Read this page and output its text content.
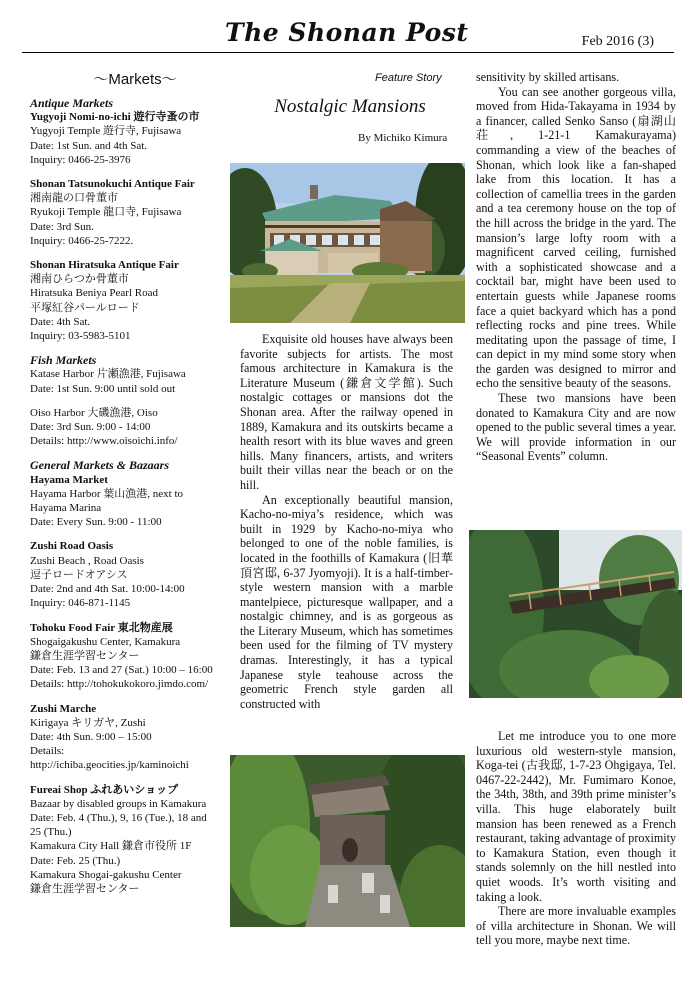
The Shonan Post	Feb 2016 (3)
～Markets～
Antique Markets
Yugyoji Nomi-no-ichi 遊行寺蚤の市
Yugyoji Temple 遊行寺, Fujisawa
Date: 1st Sun. and 4th Sat.
Inquiry: 0466-25-3976
Shonan Tatsunokuchi Antique Fair
湘南龍の口骨董市
Ryukoji Temple 龍口寺, Fujisawa
Date: 3rd Sun.
Inquiry: 0466-25-7222.
Shonan Hiratsuka Antique Fair
湘南ひらつか骨董市
Hiratsuka Beniya Pearl Road
平塚紅谷パールロード
Date: 4th Sat.
Inquiry: 03-5983-5101
Fish Markets
Katase Harbor 片瀬漁港, Fujisawa
Date: 1st Sun. 9:00 until sold out
Oiso Harbor 大磯漁港, Oiso
Date: 3rd Sun. 9:00 - 14:00
Details: http://www.oisoichi.info/
General Markets & Bazaars
Hayama Market
Hayama Harbor 葉山漁港, next to
Hayama Marina
Date: Every Sun. 9:00 - 11:00
Zushi Road Oasis
Zushi Beach , Road Oasis
逗子ロードオアシス
Date: 2nd and 4th Sat. 10:00-14:00
Inquiry: 046-871-1145
Tohoku Food Fair 東北物産展
Shogaigakushu Center, Kamakura
鎌倉生涯学習センター
Date: Feb. 13 and 27 (Sat.) 10:00 – 16:00
Details: http://tohokukokoro.jimdo.com/
Zushi Marche
Kirigaya キリガヤ, Zushi
Date: 4th Sun. 9:00 – 15:00
Details:
http://ichiba.geocities.jp/kaminoichi
Fureai Shop ふれあいショップ
Bazaar by disabled groups in Kamakura
Date: Feb. 4 (Thu.), 9, 16 (Tue.), 18 and
25 (Thu.)
Kamakura City Hall 鎌倉市役所 1F
Date: Feb. 25 (Thu.)
Kamakura Shogai-gakushu Center
鎌倉生涯学習センター
Feature Story
Nostalgic Mansions
By Michiko Kimura

Exquisite old houses have always been favorite subjects for artists. The most famous architecture in Kamakura is the Literature Museum (鎌倉文学館). Such nostalgic cottages or mansions dot the Shonan area. After the railway opened in 1889, Kamakura and its outskirts became a health resort with its blue waves and green hills. Many financers, artists, and writers built their villas near the beach or on the hill.

An exceptionally beautiful mansion, Kacho-no-miya’s residence, which was built in 1929 by Kacho-no-miya who belonged to one of the noble families, is located in the foothills of Kamakura (旧華頂宮邸, 6-37 Jyomyoji). It is a half-timber-style western mansion with a marble mantelpiece, picturesque wallpaper, and a nostalgic chimney, and is as gorgeous as the Literary Museum, which has sometimes been used for the filming of TV mystery dramas. Interestingly, it has a typical Japanese style teahouse across the geometric French style garden all constructed with

sensitivity by skilled artisans.

You can see another gorgeous villa, moved from Hida-Takayama in 1934 by a financer, called Senko Sanso (扇湖山荘, 1-21-1 Kamakurayama) commanding a view of the beaches of Shonan, which look like a fan-shaped lake from this location. It has a collection of camellia trees in the garden and a tea ceremony house on the top of the hill across the bridge in the yard. The mansion’s large lofty room with a magnificent carved ceiling, furnished with a sophisticated showcase and a cocktail bar, might have been used to entertain guests while Japanese rooms face a quiet backyard which has a pond reflecting rocks and pine trees. While meditating upon the passage of time, I can depict in my mind some story when the garden was designed to mirror and echo the sensitive beauty of the seasons.

These two mansions have been donated to Kamakura City and are now opened to the public several times a year. We will provide information in our “Seasonal Events” column.

Let me introduce you to one more luxurious old western-style mansion, Koga-tei (古我邸, 1-7-23 Ohgigaya, Tel. 0467-22-2442), Mr. Fumimaro Konoe, the 34th, 38th, and 39th prime minister’s villa. This huge elaborately built mansion has been renewed as a French restaurant, taking advantage of proximity to Kamakura Station, even though it stands solemnly on the hill nestled into quiet woods. It’s worth visiting and taking a look.

There are more invaluable examples of villa architecture in Shonan. We will tell you more, maybe next time.
